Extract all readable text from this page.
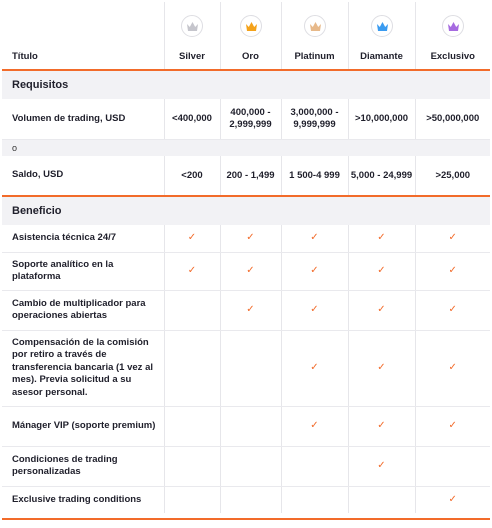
Título	Silver	Oro	Platinum	Diamante	Exclusivo
Requisitos					
Volumen de trading, USD	<400,000	400,000 - 2,999,999	3,000,000 - 9,999,999	>10,000,000	>50,000,000
o					
Saldo, USD	<200	200 - 1,499	1 500-4 999	5,000 - 24,999	>25,000
Beneficio					
Asistencia técnica 24/7	✓	✓	✓	✓	✓
Soporte analítico en la plataforma	✓	✓	✓	✓	✓
Cambio de multiplicador para operaciones abiertas		✓	✓	✓	✓
Compensación de la comisión por retiro a través de transferencia bancaria (1 vez al mes). Previa solicitud a su asesor personal.			✓	✓	✓
Mánager VIP (soporte premium)			✓	✓	✓
Condiciones de trading personalizadas				✓	
Exclusive trading conditions					✓
